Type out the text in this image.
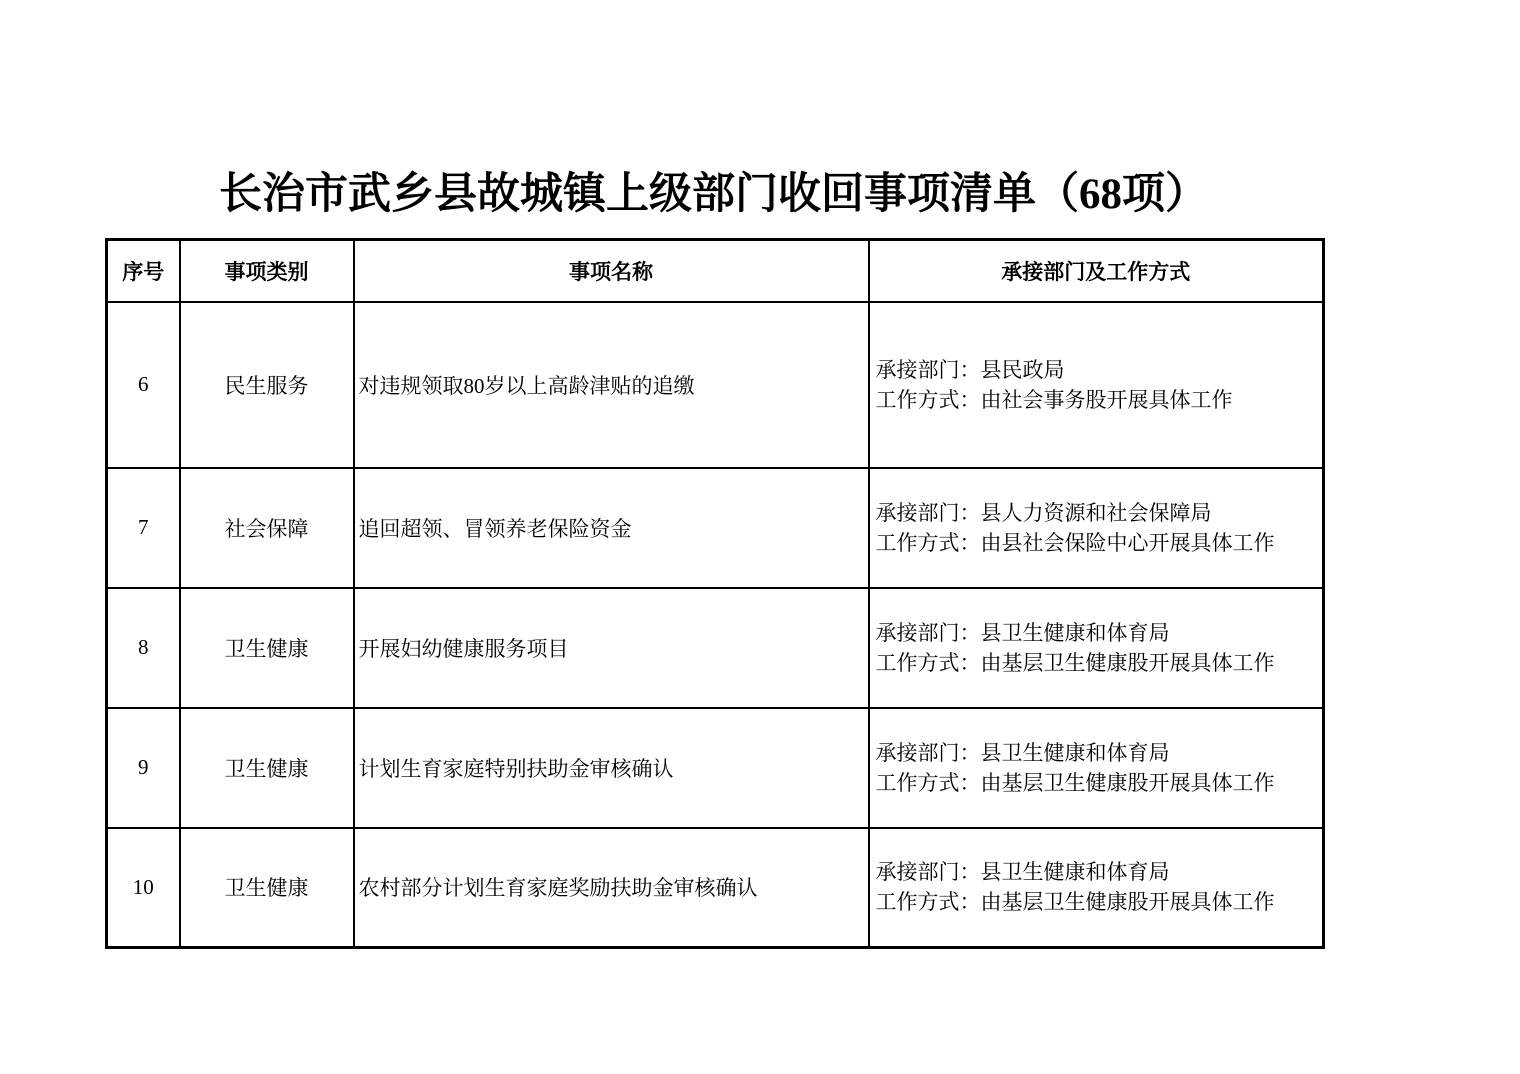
长治市武乡县故城镇上级部门收回事项清单（68项）
序号	事项类别	事项名称	承接部门及工作方式
6	民生服务	对违规领取80岁以上高龄津贴的追缴	承接部门：县民政局
工作方式：由社会事务股开展具体工作

7	社会保障	追回超领、冒领养老保险资金	承接部门：县人力资源和社会保障局
工作方式：由县社会保险中心开展具体工作

8	卫生健康	开展妇幼健康服务项目	承接部门：县卫生健康和体育局
工作方式：由基层卫生健康股开展具体工作

9	卫生健康	计划生育家庭特别扶助金审核确认	承接部门：县卫生健康和体育局
工作方式：由基层卫生健康股开展具体工作

10	卫生健康	农村部分计划生育家庭奖励扶助金审核确认	承接部门：县卫生健康和体育局
工作方式：由基层卫生健康股开展具体工作
